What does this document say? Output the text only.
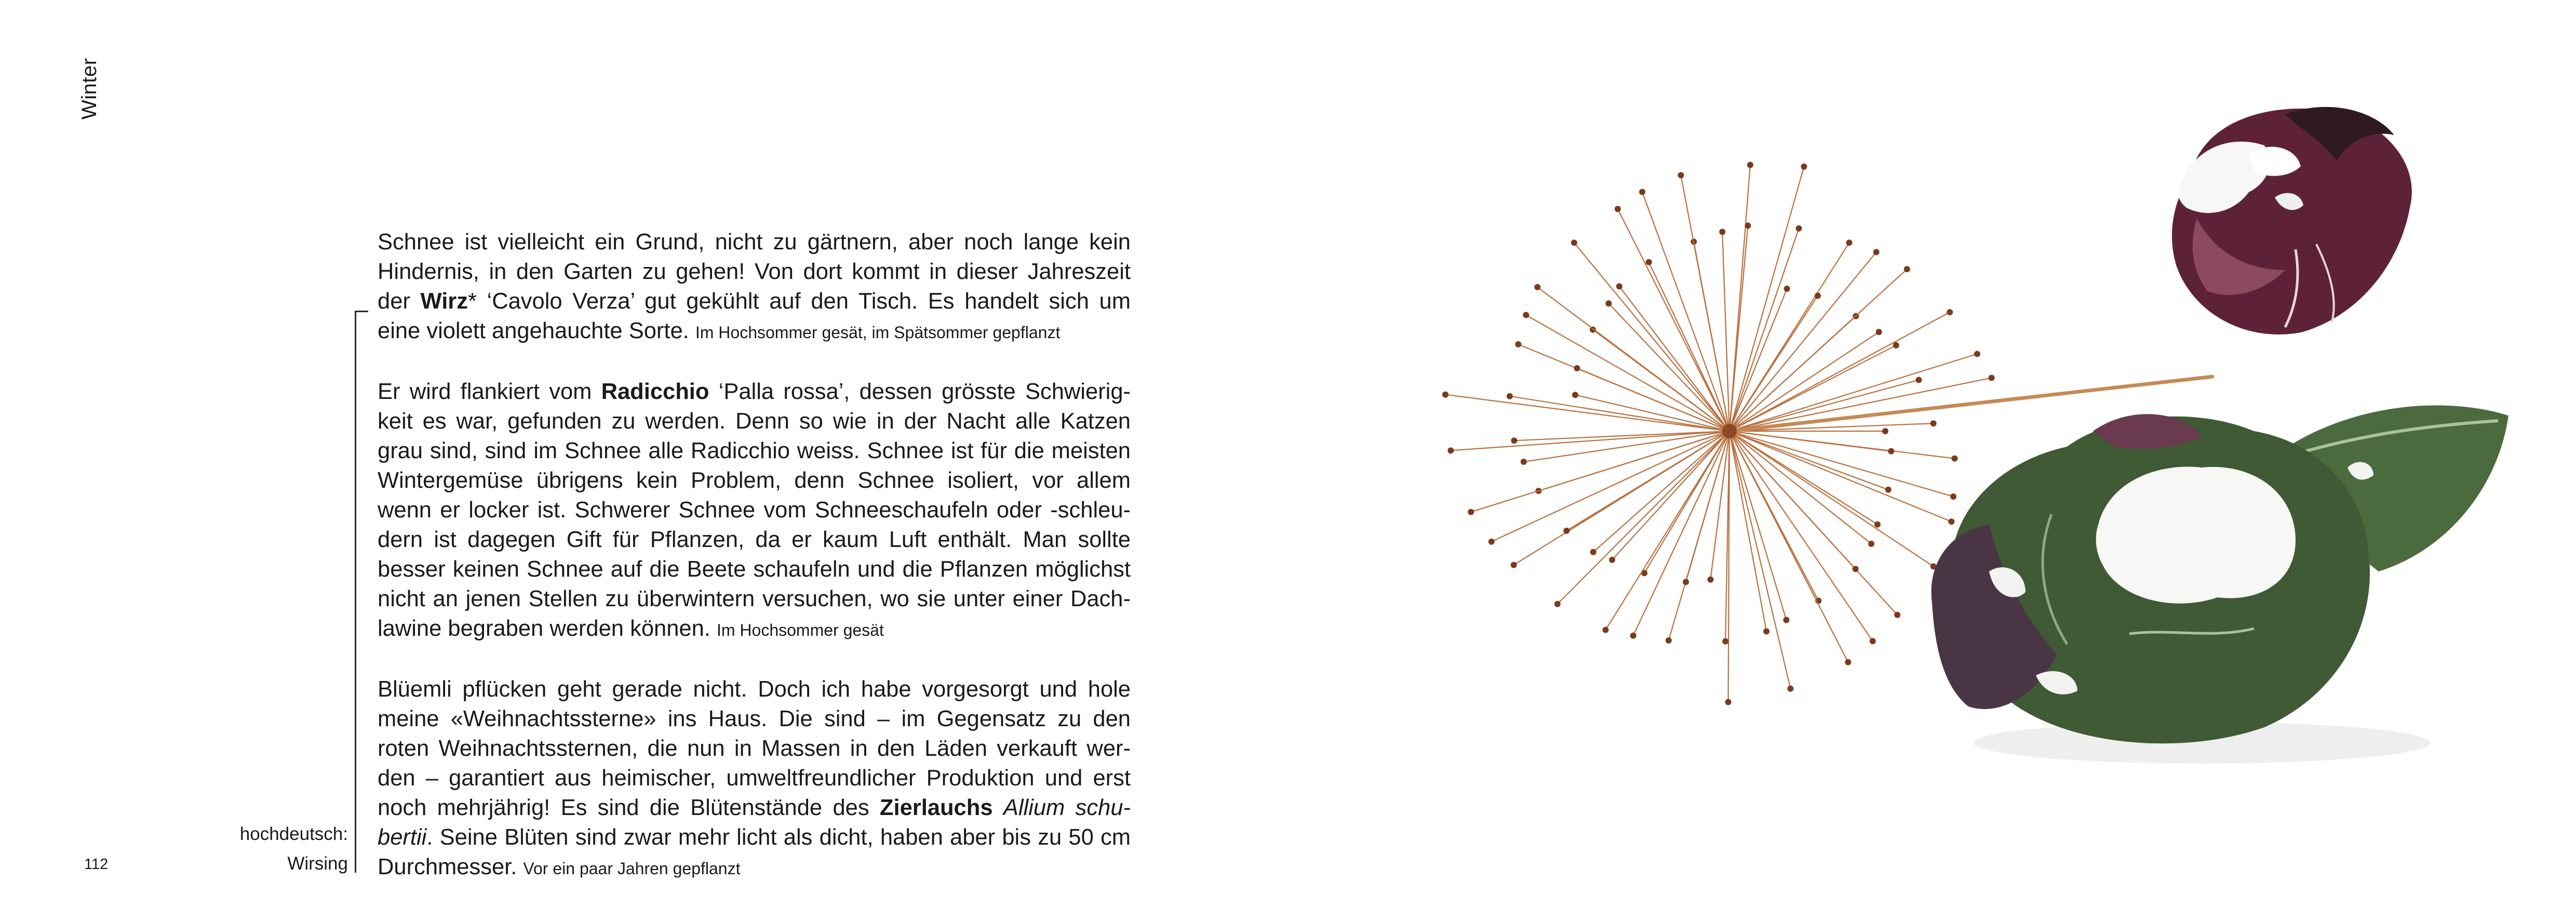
Winter

Schnee ist vielleicht ein Grund, nicht zu gärtnern, aber noch lange kein
Hindernis, in den Garten zu gehen! Von dort kommt in dieser Jahreszeit
der Wirz* ‘Cavolo Verza’ gut gekühlt auf den Tisch. Es handelt sich um
eine violett angehauchte Sorte. Im Hochsommer gesät, im Spätsommer gepflanzt

Er wird flankiert vom Radicchio ‘Palla rossa’, dessen grösste Schwierig-
keit es war, gefunden zu werden. Denn so wie in der Nacht alle Katzen
grau sind, sind im Schnee alle Radicchio weiss. Schnee ist für die meisten
Wintergemüse übrigens kein Problem, denn Schnee isoliert, vor allem
wenn er locker ist. Schwerer Schnee vom Schneeschaufeln oder -schleu-
dern ist dagegen Gift für Pflanzen, da er kaum Luft enthält. Man sollte
besser keinen Schnee auf die Beete schaufeln und die Pflanzen möglichst
nicht an jenen Stellen zu überwintern versuchen, wo sie unter einer Dach-
lawine begraben werden können. Im Hochsommer gesät

Blüemli pflücken geht gerade nicht. Doch ich habe vorgesorgt und hole
meine «Weihnachtssterne» ins Haus. Die sind – im Gegensatz zu den
roten Weihnachtssternen, die nun in Massen in den Läden verkauft wer-
den – garantiert aus heimischer, umweltfreundlicher Produktion und erst
noch mehrjährig! Es sind die Blütenstände des Zierlauchs Allium schu-
bertii. Seine Blüten sind zwar mehr licht als dicht, haben aber bis zu 50 cm
Durchmesser. Vor ein paar Jahren gepflanzt

hochdeutsch:
Wirsing
112
